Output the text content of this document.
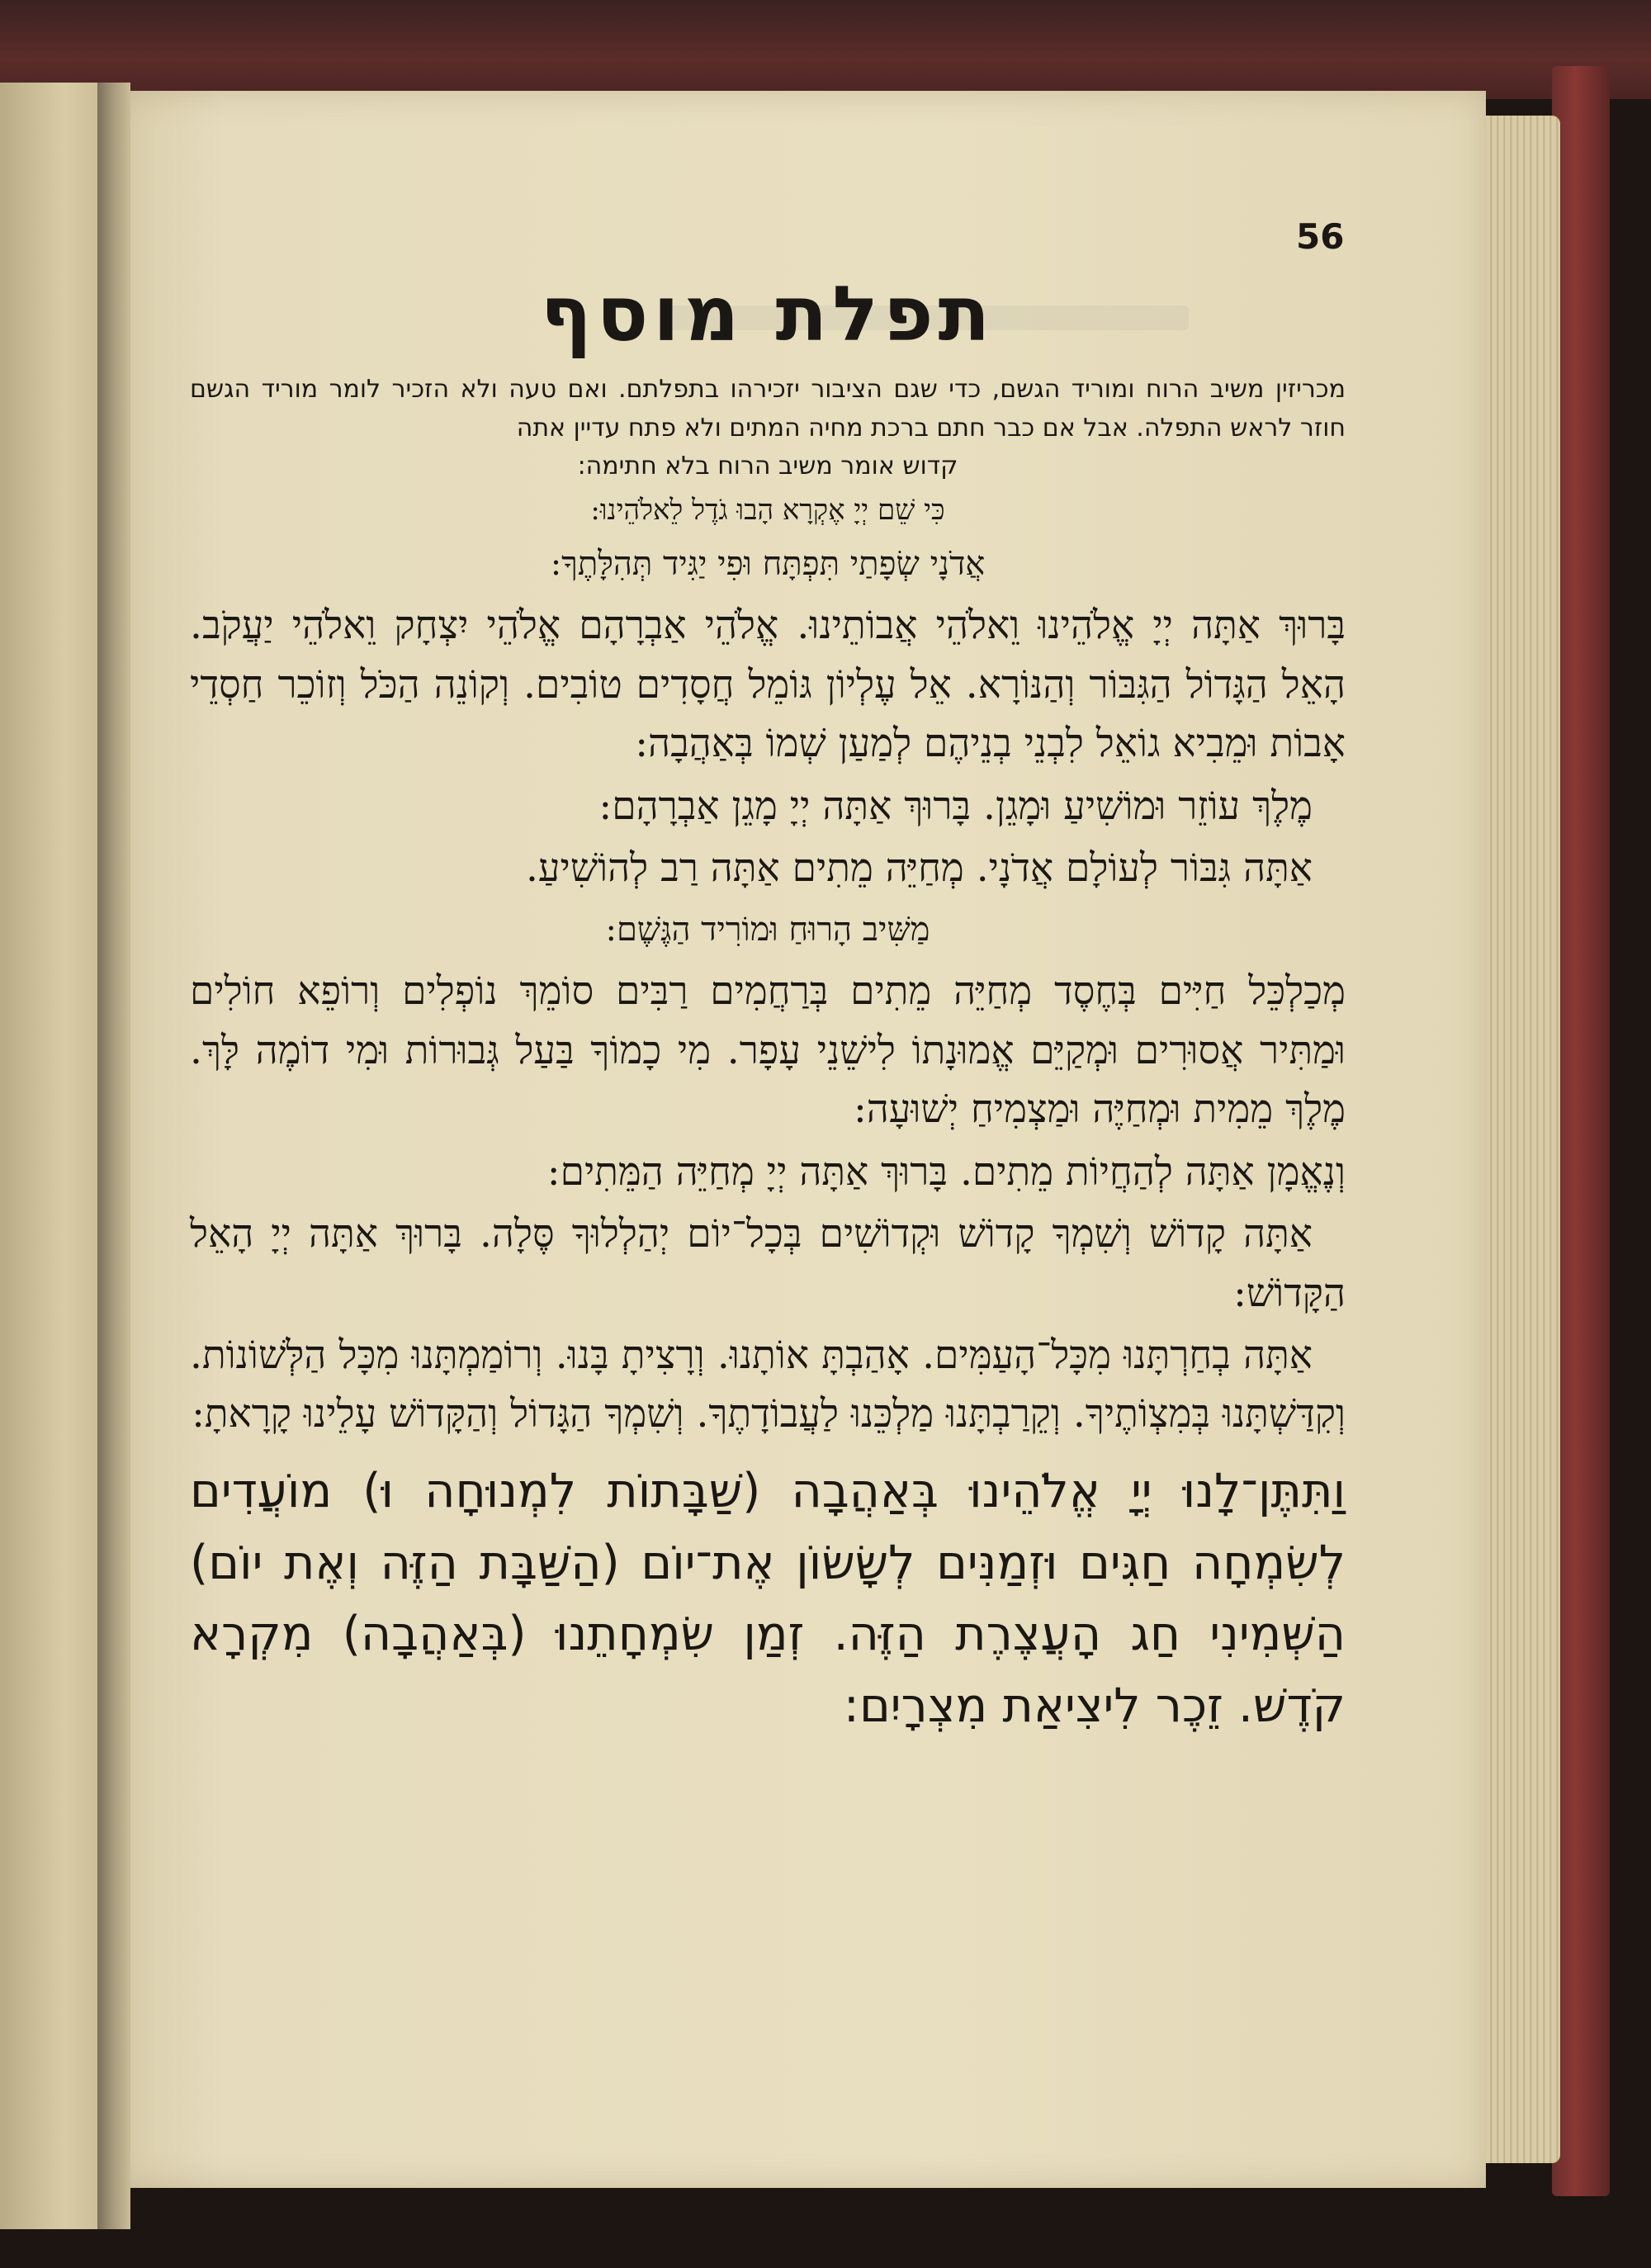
56
תפלת מוסף
מכריזין משיב הרוח ומוריד הגשם, כדי שגם הציבור יזכירהו בתפלתם. ואם טעה ולא הזכיר לומר מוריד הגשם חוזר לראש התפלה. אבל אם כבר חתם ברכת מחיה המתים ולא פתח עדיין אתה
קדוש אומר משיב הרוח בלא חתימה:
כִּי שֵׁם יְיָ אֶקְרָא הָבוּ גֹדֶל לֵאלֹהֵינוּ:
אֲדֹנָי שְׂפָתַי תִּפְתָּח וּפִי יַגִּיד תְּהִלָּתֶךָ:
בָּרוּךְ אַתָּה יְיָ אֱלֹהֵינוּ וֵאלֹהֵי אֲבוֹתֵינוּ. אֱלֹהֵי אַבְרָהָם אֱלֹהֵי יִצְחָק וֵאלֹהֵי יַעֲקֹב. הָאֵל הַגָּדוֹל הַגִּבּוֹר וְהַנּוֹרָא. אֵל עֶלְיוֹן גּוֹמֵל חֲסָדִים טוֹבִים. וְקוֹנֵה הַכֹּל וְזוֹכֵר חַסְדֵי אָבוֹת וּמֵבִיא גוֹאֵל לִבְנֵי בְנֵיהֶם לְמַעַן שְׁמוֹ בְּאַהֲבָה:
מֶלֶךְ עוֹזֵר וּמוֹשִׁיעַ וּמָגֵן. בָּרוּךְ אַתָּה יְיָ מָגֵן אַבְרָהָם:
אַתָּה גִּבּוֹר לְעוֹלָם אֲדֹנָי. מְחַיֵּה מֵתִים אַתָּה רַב לְהוֹשִׁיעַ.
מַשִּׁיב הָרוּחַ וּמוֹרִיד הַגֶּשֶׁם:
מְכַלְכֵּל חַיִּים בְּחֶסֶד מְחַיֵּה מֵתִים בְּרַחֲמִים רַבִּים סוֹמֵךְ נוֹפְלִים וְרוֹפֵא חוֹלִים וּמַתִּיר אֲסוּרִים וּמְקַיֵּם אֱמוּנָתוֹ לִישֵׁנֵי עָפָר. מִי כָמוֹךָ בַּעַל גְּבוּרוֹת וּמִי דוֹמֶה לָּךְ. מֶלֶךְ מֵמִית וּמְחַיֶּה וּמַצְמִיחַ יְשׁוּעָה:
וְנֶאֱמָן אַתָּה לְהַחֲיוֹת מֵתִים. בָּרוּךְ אַתָּה יְיָ מְחַיֵּה הַמֵּתִים:
אַתָּה קָדוֹשׁ וְשִׁמְךָ קָדוֹשׁ וּקְדוֹשִׁים בְּכָל־יוֹם יְהַלְלוּךָ סֶּלָה. בָּרוּךְ אַתָּה יְיָ הָאֵל הַקָּדוֹשׁ:
אַתָּה בְחַרְתָּנוּ מִכָּל־הָעַמִּים. אָהַבְתָּ אוֹתָנוּ. וְרָצִיתָ בָּנוּ. וְרוֹמַמְתָּנוּ מִכָּל הַלְּשׁוֹנוֹת. וְקִדַּשְׁתָּנוּ בְּמִצְוֹתֶיךָ. וְקֵרַבְתָּנוּ מַלְכֵּנוּ לַעֲבוֹדָתֶךָ. וְשִׁמְךָ הַגָּדוֹל וְהַקָּדוֹשׁ עָלֵינוּ קָרָאתָ:
וַתִּתֶּן־לָנוּ יְיָ אֱלֹהֵינוּ בְּאַהֲבָה (שַׁבָּתוֹת לִמְנוּחָה וּ) מוֹעֲדִים לְשִׂמְחָה חַגִּים וּזְמַנִּים לְשָׂשׂוֹן אֶת־יוֹם (הַשַּׁבָּת הַזֶּה וְאֶת יוֹם) הַשְּׁמִינִי חַג הָעֲצֶרֶת הַזֶּה. זְמַן שִׂמְחָתֵנוּ (בְּאַהֲבָה) מִקְרָא קֹדֶשׁ. זֵכֶר לִיצִיאַת מִצְרָיִם:
